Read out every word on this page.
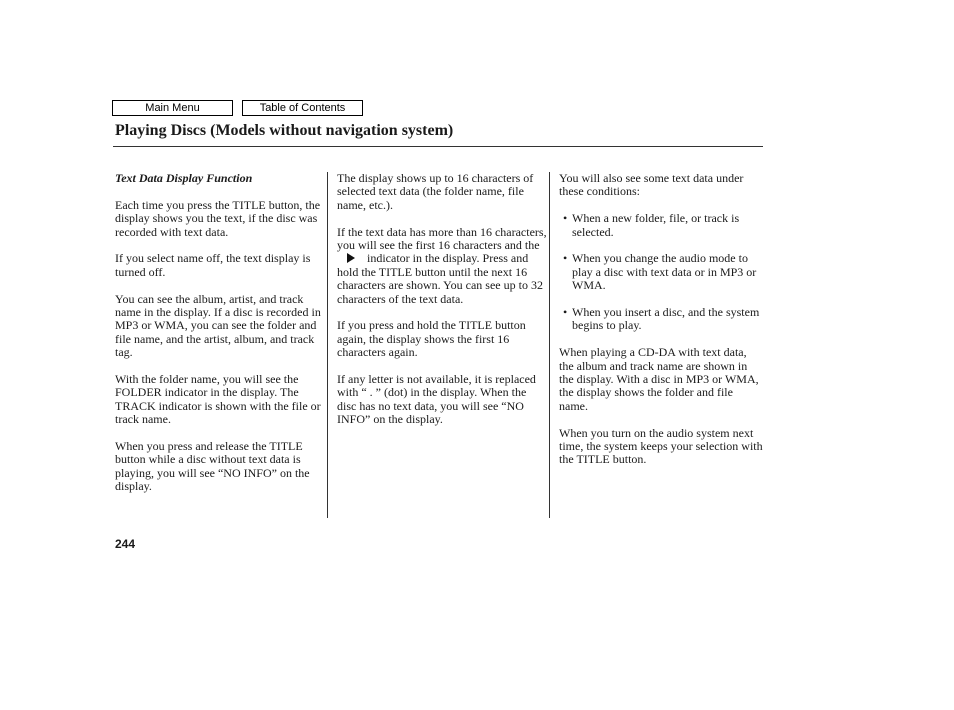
Main Menu	Table of Contents
Playing Discs (Models without navigation system)

Text Data Display Function

Each time you press the TITLE button, the display shows you the text, if the disc was recorded with text data.

If you select name off, the text display is turned off.

You can see the album, artist, and track name in the display. If a disc is recorded in MP3 or WMA, you can see the folder and file name, and the artist, album, and track tag.

With the folder name, you will see the FOLDER indicator in the display. The TRACK indicator is shown with the file or track name.

When you press and release the TITLE button while a disc without text data is playing, you will see “NO INFO” on the display.

The display shows up to 16 characters of selected text data (the folder name, file name, etc.).

If the text data has more than 16 characters, you will see the first 16 characters and theindicator in the display. Press and hold the TITLE button until the next 16 characters are shown. You can see up to 32 characters of the text data.

If you press and hold the TITLE button again, the display shows the first 16 characters again.

If any letter is not available, it is replaced with “ . ” (dot) in the display. When the disc has no text data, you will see “NO INFO” on the display.

You will also see some text data under these conditions:

• When a new folder, file, or track is selected.
• When you change the audio mode to play a disc with text data or in MP3 or WMA.
• When you insert a disc, and the system begins to play.

When playing a CD-DA with text data, the album and track name are shown in the display. With a disc in MP3 or WMA, the display shows the folder and file name.

When you turn on the audio system next time, the system keeps your selection with the TITLE button.

244
